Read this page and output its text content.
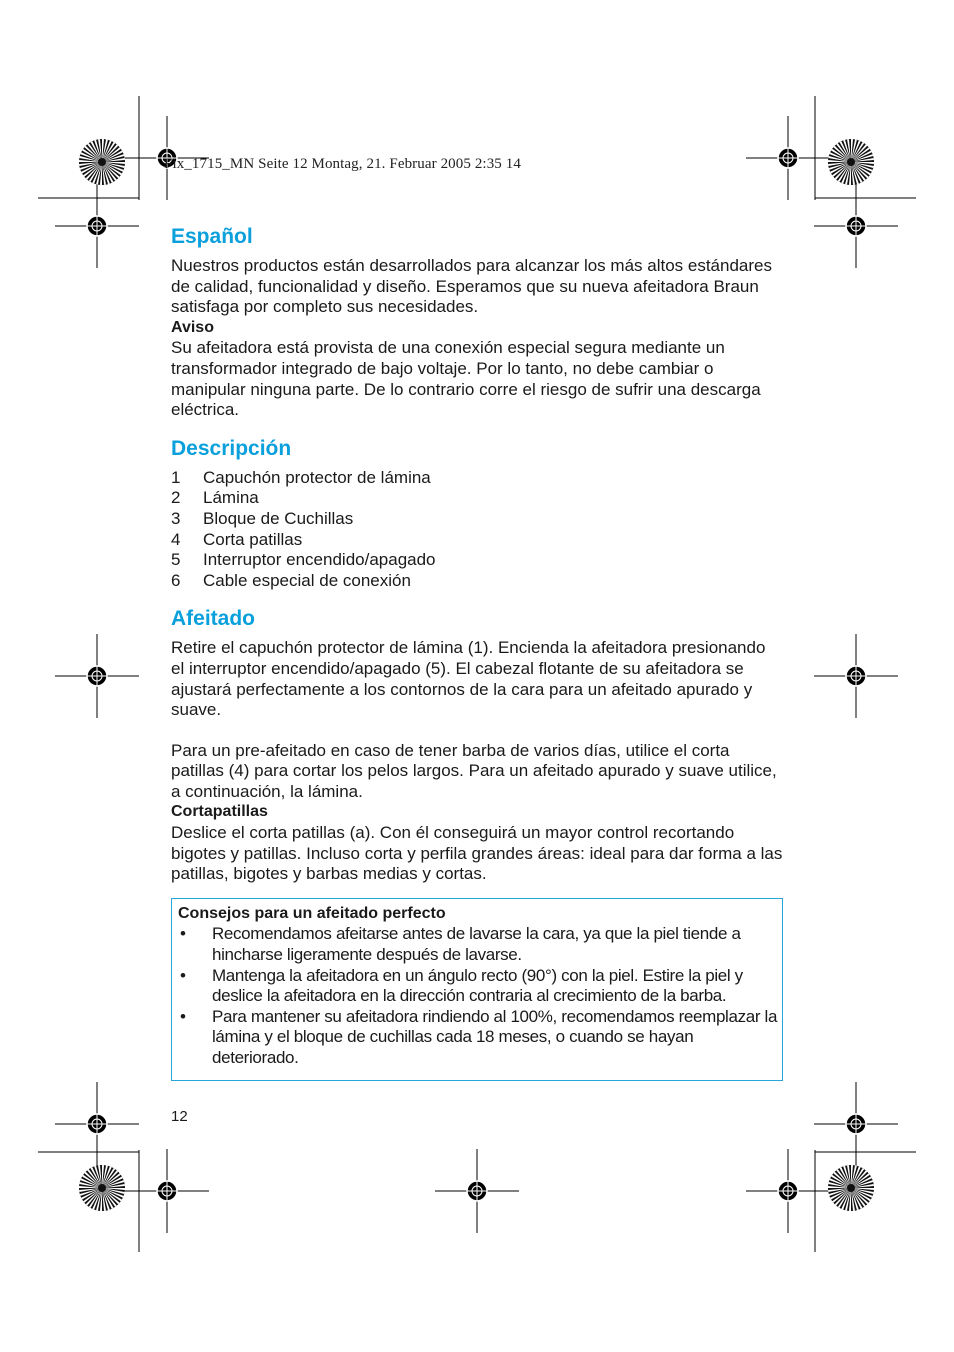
Fix_1715_MN Seite 12 Montag, 21. Februar 2005 2:35 14
Español

Nuestros productos están desarrollados para alcanzar los más altos estándares de calidad, funcionalidad y diseño. Esperamos que su nueva afeitadora Braun satisfaga por completo sus necesidades.

Aviso

Su afeitadora está provista de una conexión especial segura mediante un transformador integrado de bajo voltaje. Por lo tanto, no debe cambiar o manipular ninguna parte. De lo contrario corre el riesgo de sufrir una descarga eléctrica.

Descripción
1	Capuchón protector de lámina
2	Lámina
3	Bloque de Cuchillas
4	Corta patillas
5	Interruptor encendido/apagado
6	Cable especial de conexión
Afeitado

Retire el capuchón protector de lámina (1). Encienda la afeitadora presionando el interruptor encendido/apagado (5). El cabezal flotante de su afeitadora se ajustará perfectamente a los contornos de la cara para un afeitado apurado y suave.

Para un pre-afeitado en caso de tener barba de varios días, utilice el corta patillas (4) para cortar los pelos largos. Para un afeitado apurado y suave utilice, a continuación, la lámina.

Cortapatillas

Deslice el corta patillas (a). Con él conseguirá un mayor control recortando bigotes y patillas. Incluso corta y perfila grandes áreas: ideal para dar forma a las patillas, bigotes y barbas medias y cortas.

Consejos para un afeitado perfecto

•	Recomendamos afeitarse antes de lavarse la cara, ya que la piel tiende a hincharse ligeramente después de lavarse.
•	Mantenga la afeitadora en un ángulo recto (90°) con la piel. Estire la piel y deslice la afeitadora en la dirección contraria al crecimiento de la barba.
•	Para mantener su afeitadora rindiendo al 100%, recomendamos reemplazar la lámina y el bloque de cuchillas cada 18 meses, o cuando se hayan deteriorado.
12
